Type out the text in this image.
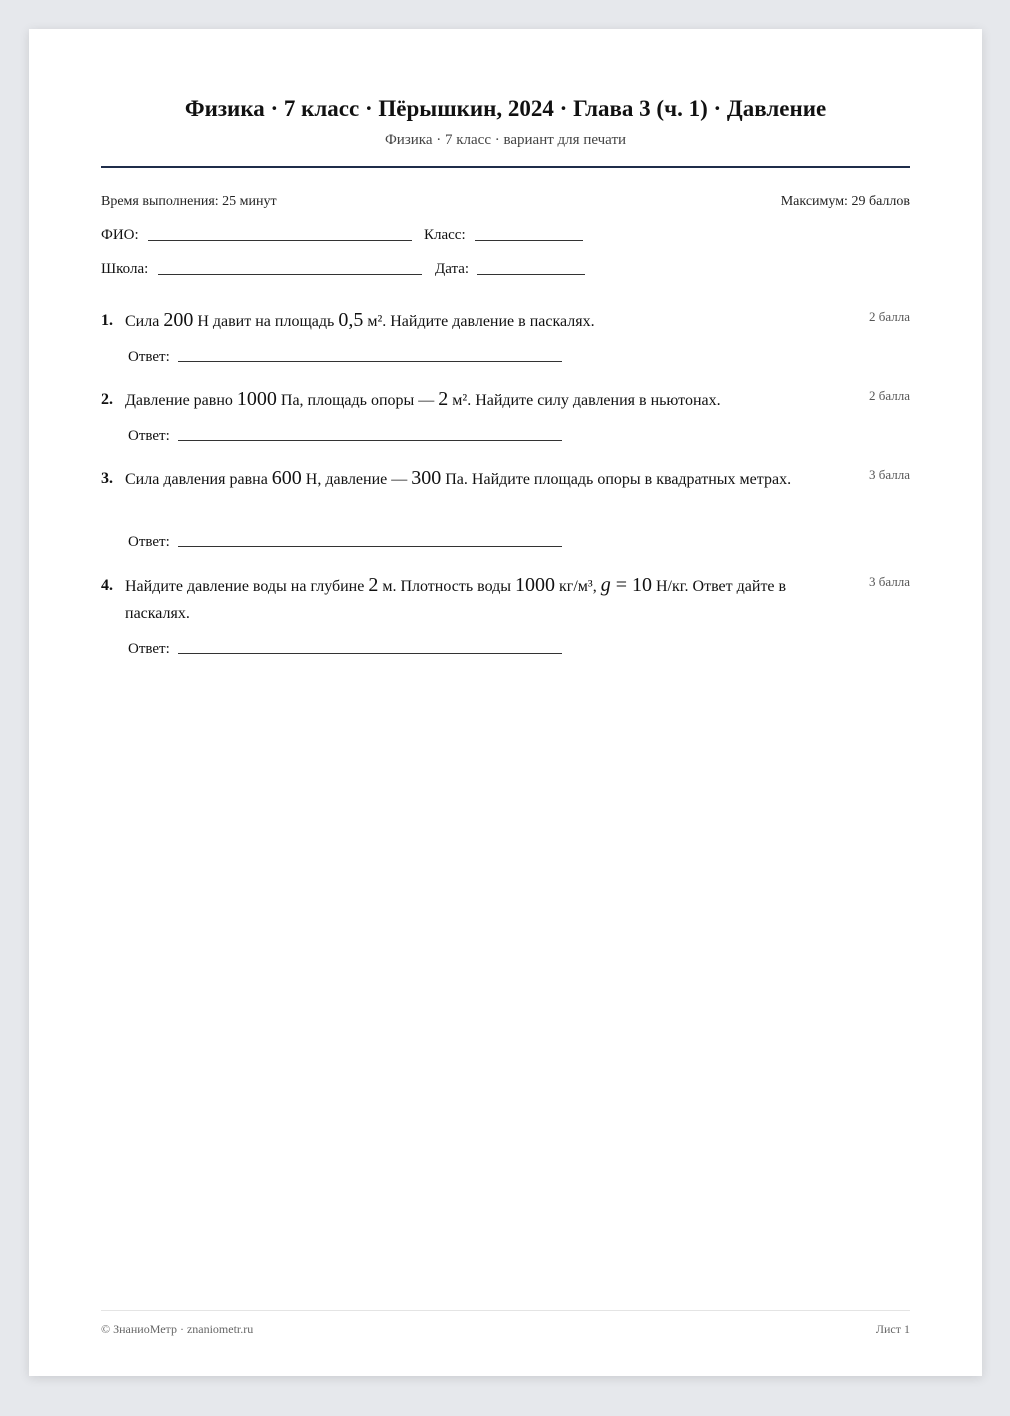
Физика · 7 класс · Пёрышкин, 2024 · Глава 3 (ч. 1) · Давление
Физика · 7 класс · вариант для печати
Время выполнения: 25 минут	Максимум: 29 баллов
ФИО:	Класс:
Школа:	Дата:
1. Сила 200 Н давит на площадь 0,5 м². Найдите давление в паскалях.	2 балла
Ответ:
2. Давление равно 1000 Па, площадь опоры — 2 м². Найдите силу давления в ньютонах.	2 балла
Ответ:
3. Сила давления равна 600 Н, давление — 300 Па. Найдите площадь опоры в квадратных метрах.	3 балла
Ответ:
4. Найдите давление воды на глубине 2 м. Плотность воды 1000 кг/м³, g = 10 Н/кг. Ответ дайте в паскалях.
3 балла
Ответ:
© ЗнаниоМетр · znaniometr.ru	Лист 1
